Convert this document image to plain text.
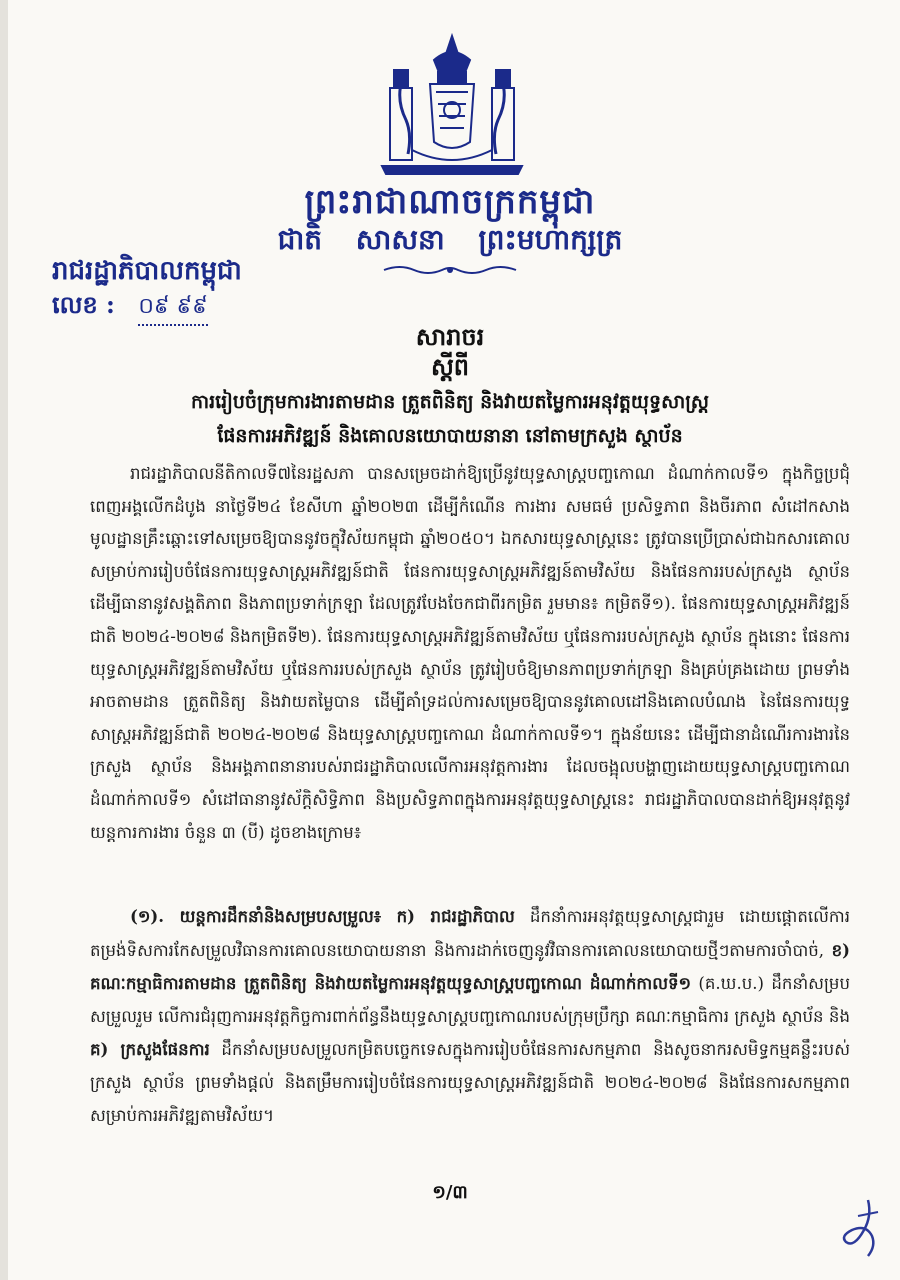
ព្រះរាជាណាចក្រកម្ពុជា
ជាតិ សាសនា ព្រះមហាក្សត្រ
រាជរដ្ឋាភិបាលកម្ពុជា
លេខ : ០៩ ៩៩
សារាចរ
ស្តីពី
ការរៀបចំក្រុមការងារតាមដាន ត្រួតពិនិត្យ និងវាយតម្លៃការអនុវត្តយុទ្ធសាស្ត្រ
ផែនការអភិវឌ្ឍន៍ និងគោលនយោបាយនានា នៅតាមក្រសួង ស្ថាប័ន
រាជរដ្ឋាភិបាលនីតិកាលទី៧នៃរដ្ឋសភា បានសម្រេចដាក់ឱ្យប្រើនូវយុទ្ធសាស្ត្របញ្ចកោណ ដំណាក់កាលទី១ ក្នុងកិច្ចប្រជុំពេញអង្គលើកដំបូង នាថ្ងៃទី២៤ ខែសីហា ឆ្នាំ២០២៣ ដើម្បីកំណើន ការងារ សមធម៌ ប្រសិទ្ធភាព និងចីរភាព សំដៅកសាងមូលដ្ឋានគ្រឹះឆ្ពោះទៅសម្រេចឱ្យបាននូវចក្ខុវិស័យកម្ពុជា ឆ្នាំ២០៥០។ ឯកសារយុទ្ធសាស្ត្រនេះ ត្រូវបានប្រើប្រាស់ជាឯកសារគោលសម្រាប់ការរៀបចំផែនការយុទ្ធសាស្ត្រអភិវឌ្ឍន៍ជាតិ ផែនការយុទ្ធសាស្ត្រអភិវឌ្ឍន៍តាមវិស័យ និងផែនការរបស់ក្រសួង ស្ថាប័ន ដើម្បីធានានូវសង្គតិភាព និងភាពប្រទាក់ក្រឡា ដែលត្រូវបែងចែកជាពីរកម្រិត រួមមាន៖ កម្រិតទី១). ផែនការយុទ្ធសាស្ត្រអភិវឌ្ឍន៍ជាតិ ២០២៤-២០២៨ និងកម្រិតទី២). ផែនការយុទ្ធសាស្ត្រអភិវឌ្ឍន៍តាមវិស័យ ឬផែនការរបស់ក្រសួង ស្ថាប័ន ក្នុងនោះ ផែនការយុទ្ធសាស្ត្រអភិវឌ្ឍន៍តាមវិស័យ ឬផែនការរបស់ក្រសួង ស្ថាប័ន ត្រូវរៀបចំឱ្យមានភាពប្រទាក់ក្រឡា និងគ្រប់គ្រងដោយ ព្រមទាំងអាចតាមដាន ត្រួតពិនិត្យ និងវាយតម្លៃបាន ដើម្បីគាំទ្រដល់ការសម្រេចឱ្យបាននូវគោលដៅនិងគោលបំណង នៃផែនការយុទ្ធសាស្ត្រអភិវឌ្ឍន៍ជាតិ ២០២៤-២០២៨ និងយុទ្ធសាស្ត្របញ្ចកោណ ដំណាក់កាលទី១។ ក្នុងន័យនេះ ដើម្បីជានាដំណើរការងារនៃក្រសួង ស្ថាប័ន និងអង្គភាពនានារបស់រាជរដ្ឋាភិបាលលើការអនុវត្តការងារ ដែលចង្អុលបង្ហាញដោយយុទ្ធសាស្ត្របញ្ចកោណ ដំណាក់កាលទី១ សំដៅធានានូវស័ក្តិសិទ្ធិភាព និងប្រសិទ្ធភាពក្នុងការអនុវត្តយុទ្ធសាស្ត្រនេះ រាជរដ្ឋាភិបាលបានដាក់ឱ្យអនុវត្តនូវយន្តការការងារ ចំនួន ៣ (បី) ដូចខាងក្រោម៖
(១). យន្តការដឹកនាំនិងសម្របសម្រួល៖ ក) រាជរដ្ឋាភិបាល ដឹកនាំការអនុវត្តយុទ្ធសាស្ត្រជារួម ដោយផ្តោតលើការតម្រង់ទិសការកែសម្រួលវិធានការគោលនយោបាយនានា និងការដាក់ចេញនូវវិធានការគោលនយោបាយថ្មីៗតាមការចាំបាច់, ខ) គណៈកម្មាធិការតាមដាន ត្រួតពិនិត្យ និងវាយតម្លៃការអនុវត្តយុទ្ធសាស្ត្របញ្ចកោណ ដំណាក់កាលទី១ (គ.ឃ.ប.) ដឹកនាំសម្របសម្រួលរួម លើការជំរុញការអនុវត្តកិច្ចការពាក់ព័ន្ធនឹងយុទ្ធសាស្ត្របញ្ចកោណរបស់ក្រុមប្រឹក្សា គណៈកម្មាធិការ ក្រសួង ស្ថាប័ន និង គ) ក្រសួងផែនការ ដឹកនាំសម្របសម្រួលកម្រិតបច្ចេកទេសក្នុងការរៀបចំផែនការសកម្មភាព និងសូចនាករសមិទ្ធកម្មគន្លឹះរបស់ក្រសួង ស្ថាប័ន ព្រមទាំងផ្តល់ និងតម្រឹមការរៀបចំផែនការយុទ្ធសាស្ត្រអភិវឌ្ឍន៍ជាតិ ២០២៤-២០២៨ និងផែនការសកម្មភាពសម្រាប់ការអភិវឌ្ឍតាមវិស័យ។
១/៣
